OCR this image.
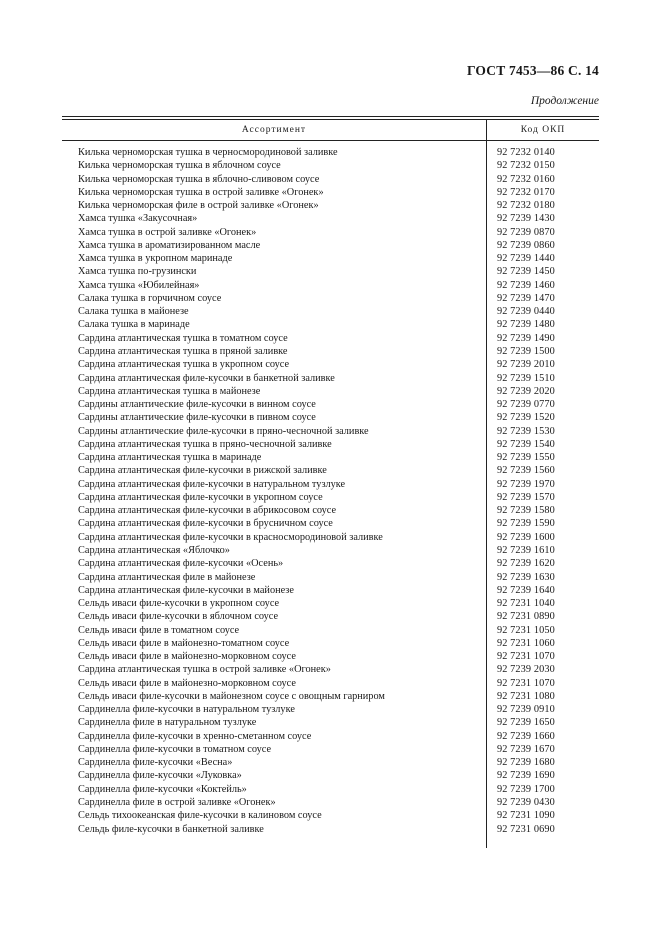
ГОСТ 7453—86 С. 14
Продолжение
Ассортимент	Код ОКП
Килька черноморская тушка в черносмородиновой заливке	92 7232 0140
Килька черноморская тушка в яблочном соусе	92 7232 0150
Килька черноморская тушка в яблочно-сливовом соусе	92 7232 0160
Килька черноморская тушка в острой заливке «Огонек»	92 7232 0170
Килька черноморская филе в острой заливке «Огонек»	92 7232 0180
Хамса тушка «Закусочная»	92 7239 1430
Хамса тушка в острой заливке «Огонек»	92 7239 0870
Хамса тушка в ароматизированном масле	92 7239 0860
Хамса тушка в укропном маринаде	92 7239 1440
Хамса тушка по-грузински	92 7239 1450
Хамса тушка «Юбилейная»	92 7239 1460
Салака тушка в горчичном соусе	92 7239 1470
Салака тушка в майонезе	92 7239 0440
Салака тушка в маринаде	92 7239 1480
Сардина атлантическая тушка в томатном соусе	92 7239 1490
Сардина атлантическая тушка в пряной заливке	92 7239 1500
Сардина атлантическая тушка в укропном соусе	92 7239 2010
Сардина атлантическая филе-кусочки в банкетной заливке	92 7239 1510
Сардина атлантическая тушка в майонезе	92 7239 2020
Сардины атлантические филе-кусочки в винном соусе	92 7239 0770
Сардины атлантические филе-кусочки в пивном соусе	92 7239 1520
Сардины атлантические филе-кусочки в пряно-чесночной заливке	92 7239 1530
Сардина атлантическая тушка в пряно-чесночной заливке	92 7239 1540
Сардина атлантическая тушка в маринаде	92 7239 1550
Сардина атлантическая филе-кусочки в рижской заливке	92 7239 1560
Сардина атлантическая филе-кусочки в натуральном тузлуке	92 7239 1970
Сардина атлантическая филе-кусочки в укропном соусе	92 7239 1570
Сардина атлантическая филе-кусочки в абрикосовом соусе	92 7239 1580
Сардина атлантическая филе-кусочки в брусничном соусе	92 7239 1590
Сардина атлантическая филе-кусочки в красносмородиновой заливке	92 7239 1600
Сардина атлантическая «Яблочко»	92 7239 1610
Сардина атлантическая филе-кусочки «Осень»	92 7239 1620
Сардина атлантическая филе в майонезе	92 7239 1630
Сардина атлантическая филе-кусочки в майонезе	92 7239 1640
Сельдь иваси филе-кусочки в укропном соусе	92 7231 1040
Сельдь иваси филе-кусочки в яблочном соусе	92 7231 0890
Сельдь иваси филе в томатном соусе	92 7231 1050
Сельдь иваси филе в майонезно-томатном соусе	92 7231 1060
Сельдь иваси филе в майонезно-морковном соусе	92 7231 1070
Сардина атлантическая тушка в острой заливке «Огонек»	92 7239 2030
Сельдь иваси филе в майонезно-морковном соусе	92 7231 1070
Сельдь иваси филе-кусочки в майонезном соусе с овощным гарниром	92 7231 1080
Сардинелла филе-кусочки в натуральном тузлуке	92 7239 0910
Сардинелла филе в натуральном тузлуке	92 7239 1650
Сардинелла филе-кусочки в хренно-сметанном соусе	92 7239 1660
Сардинелла филе-кусочки в томатном соусе	92 7239 1670
Сардинелла филе-кусочки «Весна»	92 7239 1680
Сардинелла филе-кусочки «Луковка»	92 7239 1690
Сардинелла филе-кусочки «Коктейль»	92 7239 1700
Сардинелла филе в острой заливке «Огонек»	92 7239 0430
Сельдь тихоокеанская филе-кусочки в калиновом соусе	92 7231 1090
Сельдь филе-кусочки в банкетной заливке	92 7231 0690
